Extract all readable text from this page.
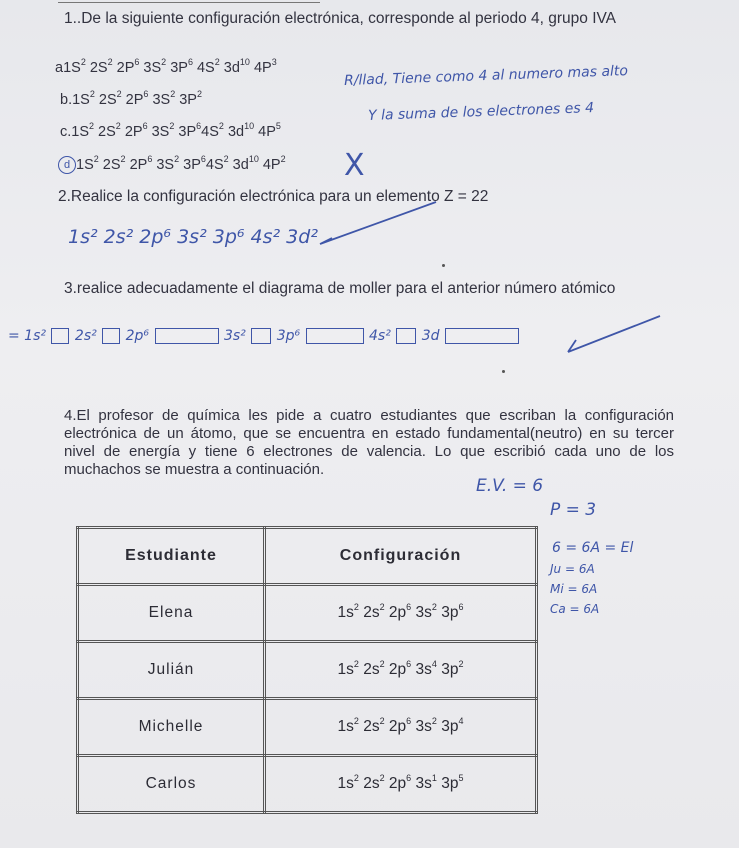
1..De la siguiente configuración electrónica, corresponde al periodo 4, grupo IVA
$a1S^2$ $2S^2$ $2P^6$ $3S^2$ $3P^6$ $4S^2$ $3d^{10}$ $4P^3$
$b.1S^2$ $2S^2$ $2P^6$ $3S^2$ $3P^2$
$c.1S^2$ $2S^2$ $2P^6$ $3S^2$ $3P^64S^2$ $3d^{10}$ $4P^5$
d $1S^2$ $2S^2$ $2P^6$ $3S^2$ $3P^64S^2$ $3d^{10}$ $4P^2$
R/llad, Tiene como 4 al numero mas alto
Y la suma de los electrones es 4
X
2.Realice la configuración electrónica para un elemento Z = 22
1s² 2s² 2p⁶ 3s² 3p⁶ 4s² 3d²
3.realice adecuadamente el diagrama de moller para el anterior número atómico
= 1s² 2s² 2p⁶	3s² 3p⁶	4s² 3d
4.El profesor de química les pide a cuatro estudiantes que escriban la configuración electrónica de un átomo, que se encuentra en estado fundamental(neutro) en su tercer nivel de energía y tiene 6 electrones de valencia. Lo que escribió cada uno de los muchachos se muestra a continuación.
E.V. = 6
P = 3
6 = 6A = El
Ju = 6A
Mi = 6A
Ca = 6A
Estudiante	Configuración
Elena	$1s^2$ $2s^2$ $2p^6$ $3s^2$ $3p^6$
Julián	$1s^2$ $2s^2$ $2p^6$ $3s^4$ $3p^2$
Michelle	$1s^2$ $2s^2$ $2p^6$ $3s^2$ $3p^4$
Carlos	$1s^2$ $2s^2$ $2p^6$ $3s^1$ $3p^5$
